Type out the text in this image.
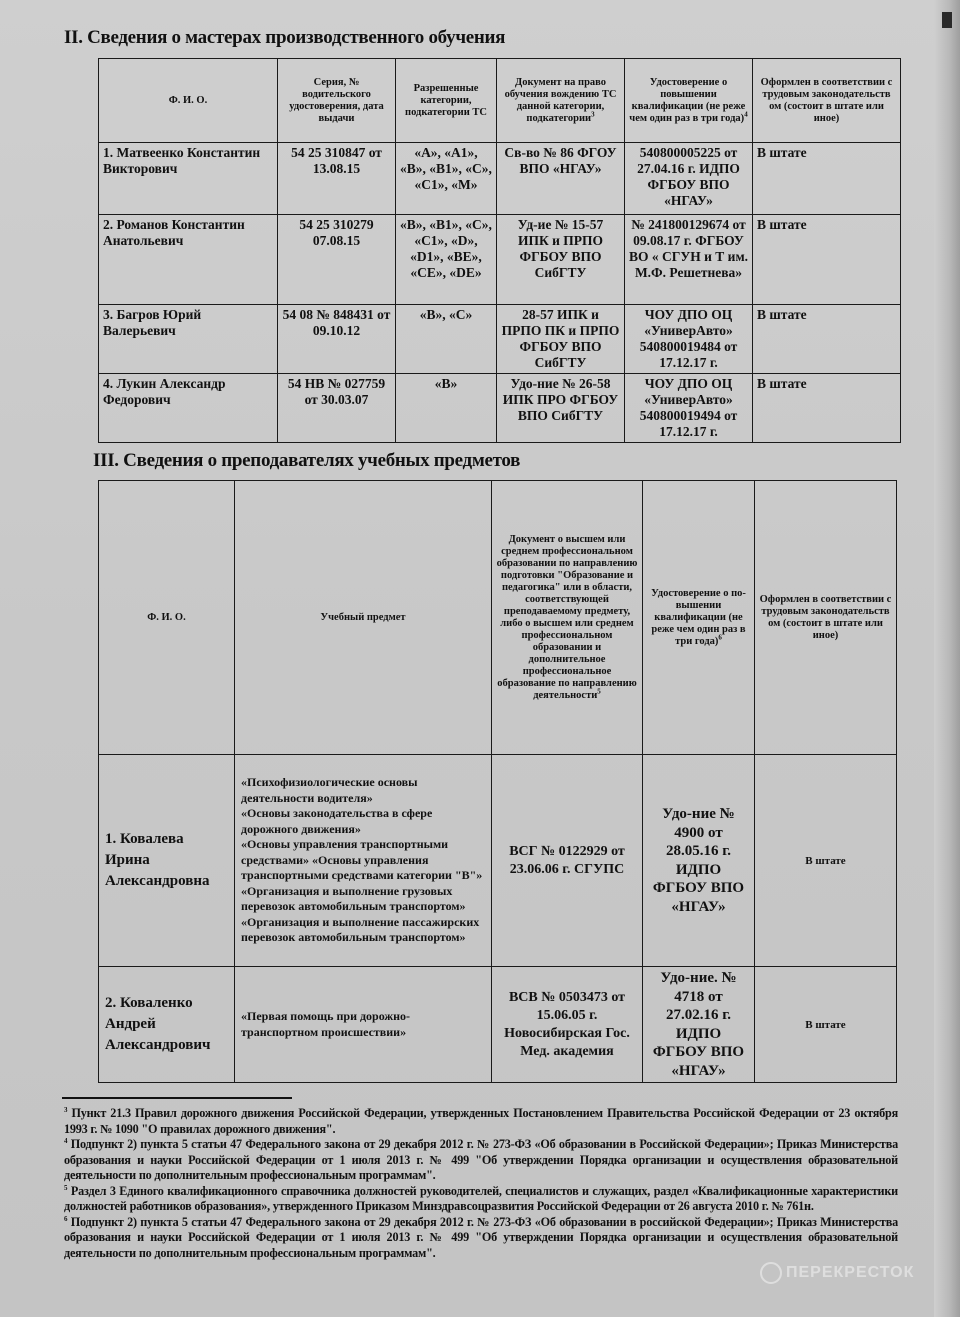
II. Сведения о мастерах производственного обучения
Ф. И. О.	Серия, № водительского удостоверения, дата выдачи	Разрешенные категории, подкатегории ТС	Документ на право обучения вождению ТС данной категории, подкатегории$^3$	Удостоверение о повышении квалификации (не реже чем один раз в три года)$^4$	Оформлен в соответствии с трудовым законодательств ом (состоит в штате или иное)
1. Матвеенко Константин Викторович	54 25 310847 от 13.08.15	«A», «A1», «B», «B1», «C», «C1», «M»	Св-во № 86 ФГОУ ВПО «НГАУ»	540800005225 от 27.04.16 г. ИДПО ФГБОУ ВПО «НГАУ»	В штате
2. Романов Константин Анатольевич	54 25 310279 07.08.15	«B», «B1», «C», «C1», «D», «D1», «BE», «CE», «DE»	Уд-ие № 15-57 ИПК и ПРПО ФГБОУ ВПО СибГТУ	№ 241800129674 от 09.08.17 г. ФГБОУ ВО « СГУН и Т им. М.Ф. Решетнева»	В штате
3. Багров Юрий Валерьевич	54 08 № 848431 от 09.10.12	«B», «C»	28-57 ИПК и ПРПО ПК и ПРПО ФГБОУ ВПО СибГТУ	ЧОУ ДПО ОЦ «УниверАвто» 540800019484 от 17.12.17 г.	В штате
4. Лукин Александр Федорович	54 НВ № 027759 от 30.03.07	«B»	Удо-ние № 26-58 ИПК ПРО ФГБОУ ВПО СибГТУ	ЧОУ ДПО ОЦ «УниверАвто» 540800019494 от 17.12.17 г.	В штате
III. Сведения о преподавателях учебных предметов
Ф. И. О.	Учебный предмет	Документ о высшем или среднем профессиональном образовании по направлению подготовки "Образование и педагогика" или в области, соответствующей преподаваемому предмету, либо о высшем или среднем профессиональном образовании и дополнительное профессиональное образование по направлению деятельности$^5$	Удостоверение о по-вышении квалификации (не реже чем один раз в три года)$^6$	Оформлен в соответствии с трудовым законодательств ом (состоит в штате или иное)
1. Ковалева Ирина Александровна	«Психофизиологические основы деятельности водителя»
«Основы законодательства в сфере дорожного движения»
«Основы управления транспортными средствами» «Основы управления транспортными средствами категории "B"» «Организация и выполнение грузовых перевозок автомобильным транспортом»
«Организация и выполнение пассажирских перевозок автомобильным транспортом»	ВСГ № 0122929 от 23.06.06 г. СГУПС	Удо-ние № 4900 от 28.05.16 г. ИДПО ФГБОУ ВПО «НГАУ»	В штате
2. Коваленко Андрей Александрович	«Первая помощь при дорожно-транспортном происшествии»	ВСВ № 0503473 от 15.06.05 г. Новосибирская Гос. Мед. академия	Удо-ние. № 4718 от 27.02.16 г. ИДПО ФГБОУ ВПО «НГАУ»	В штате

$^3$ Пункт 21.3 Правил дорожного движения Российской Федерации, утвержденных Постановлением Правительства Российской Федерации от 23 октября 1993 г. № 1090 "О правилах дорожного движения".

$^4$ Подпункт 2) пункта 5 статьи 47 Федерального закона от 29 декабря 2012 г. № 273-ФЗ «Об образовании в Российской Федерации»; Приказ Министерства образования и науки Российской Федерации от 1 июля 2013 г. № 499 "Об утверждении Порядка организации и осуществления образовательной деятельности по дополнительным профессиональным программам".

$^5$ Раздел 3 Единого квалификационного справочника должностей руководителей, специалистов и служащих, раздел «Квалификационные характеристики должностей работников образования», утвержденного Приказом Минздравсоцразвития Российской Федерации от 26 августа 2010 г. № 761н.

$^6$ Подпункт 2) пункта 5 статьи 47 Федерального закона от 29 декабря 2012 г. № 273-ФЗ «Об образовании в российской Федерации»; Приказ Министерства образования и науки Российской Федерации от 1 июля 2013 г. № 499 "Об утверждении Порядка организации и осуществления образовательной деятельности по дополнительным профессиональным программам".

ПЕРЕКРЕСТОК
